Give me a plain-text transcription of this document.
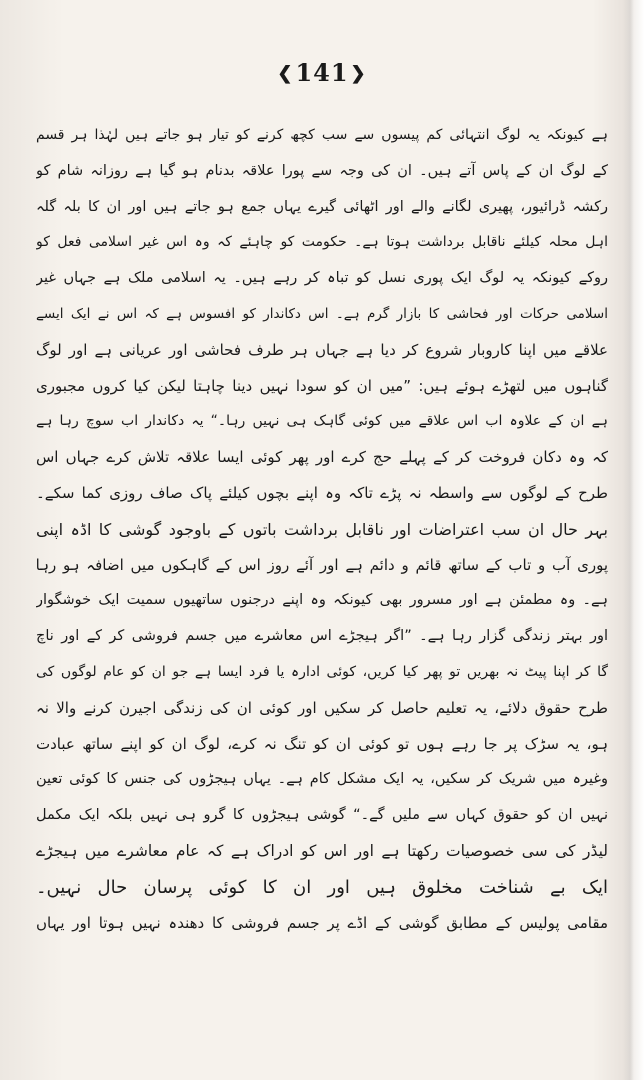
❮141 ❯
ہے کیونکہ یہ لوگ انتہائی کم پیسوں سے سب کچھ کرنے کو تیار ہو جاتے ہیں لہٰذا ہر قسم
کے لوگ ان کے پاس آتے ہیں۔ ان کی وجہ سے پورا علاقہ بدنام ہو گیا ہے روزانہ شام کو
رکشہ ڈرائیور، پھیری لگانے والے اور اٹھائی گیرے یہاں جمع ہو جاتے ہیں اور ان کا بلہ گلہ
اہل محلہ کیلئے ناقابل برداشت ہوتا ہے۔ حکومت کو چاہئے کہ وہ اس غیر اسلامی فعل کو
روکے کیونکہ یہ لوگ ایک پوری نسل کو تباہ کر رہے ہیں۔ یہ اسلامی ملک ہے جہاں غیر
اسلامی حرکات اور فحاشی کا بازار گرم ہے۔ اس دکاندار کو افسوس ہے کہ اس نے ایک ایسے
علاقے میں اپنا کاروبار شروع کر دیا ہے جہاں ہر طرف فحاشی اور عریانی ہے اور لوگ
گناہوں میں لتھڑے ہوئے ہیں: ”میں ان کو سودا نہیں دینا چاہتا لیکن کیا کروں مجبوری
ہے ان کے علاوہ اب اس علاقے میں کوئی گاہک ہی نہیں رہا۔“ یہ دکاندار اب سوچ رہا ہے
کہ وہ دکان فروخت کر کے پہلے حج کرے اور پھر کوئی ایسا علاقہ تلاش کرے جہاں اس
طرح کے لوگوں سے واسطہ نہ پڑے تاکہ وہ اپنے بچوں کیلئے پاک صاف روزی کما سکے۔
بہر حال ان سب اعتراضات اور ناقابل برداشت باتوں کے باوجود گوشی کا اڈہ اپنی
پوری آب و تاب کے ساتھ قائم و دائم ہے اور آئے روز اس کے گاہکوں میں اضافہ ہو رہا
ہے۔ وہ مطمئن ہے اور مسرور بھی کیونکہ وہ اپنے درجنوں ساتھیوں سمیت ایک خوشگوار
اور بہتر زندگی گزار رہا ہے۔ ”اگر ہیجڑے اس معاشرے میں جسم فروشی کر کے اور ناچ
گا کر اپنا پیٹ نہ بھریں تو پھر کیا کریں، کوئی ادارہ یا فرد ایسا ہے جو ان کو عام لوگوں کی
طرح حقوق دلائے، یہ تعلیم حاصل کر سکیں اور کوئی ان کی زندگی اجیرن کرنے والا نہ
ہو، یہ سڑک پر جا رہے ہوں تو کوئی ان کو تنگ نہ کرے، لوگ ان کو اپنے ساتھ عبادت
وغیرہ میں شریک کر سکیں، یہ ایک مشکل کام ہے۔ یہاں ہیجڑوں کی جنس کا کوئی تعین
نہیں ان کو حقوق کہاں سے ملیں گے۔“ گوشی ہیجڑوں کا گرو ہی نہیں بلکہ ایک مکمل
لیڈر کی سی خصوصیات رکھتا ہے اور اس کو ادراک ہے کہ عام معاشرے میں ہیجڑے
ایک بے شناخت مخلوق ہیں اور ان کا کوئی پرسان حال نہیں۔
مقامی پولیس کے مطابق گوشی کے اڈے پر جسم فروشی کا دھندہ نہیں ہوتا اور یہاں
